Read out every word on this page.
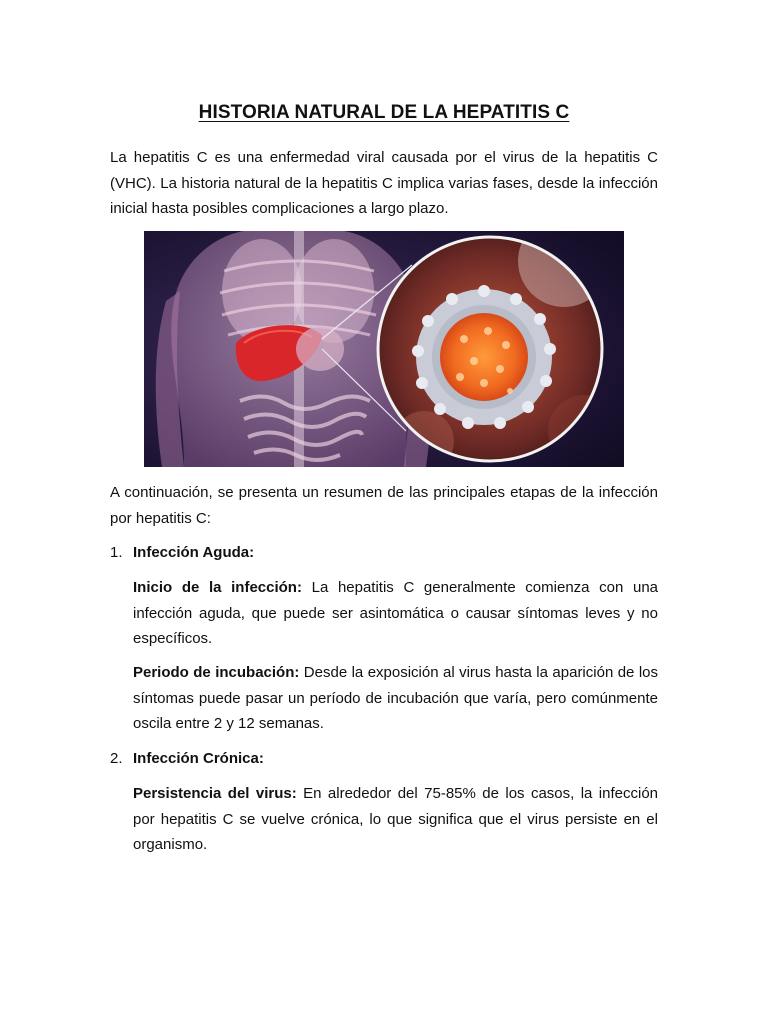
HISTORIA NATURAL DE LA HEPATITIS C

La hepatitis C es una enfermedad viral causada por el virus de la hepatitis C (VHC). La historia natural de la hepatitis C implica varias fases, desde la infección inicial hasta posibles complicaciones a largo plazo.

A continuación, se presenta un resumen de las principales etapas de la infección por hepatitis C:

1. Infección Aguda:

Inicio de la infección: La hepatitis C generalmente comienza con una infección aguda, que puede ser asintomática o causar síntomas leves y no específicos.

Periodo de incubación: Desde la exposición al virus hasta la aparición de los síntomas puede pasar un período de incubación que varía, pero comúnmente oscila entre 2 y 12 semanas.

2. Infección Crónica:

Persistencia del virus: En alrededor del 75-85% de los casos, la infección por hepatitis C se vuelve crónica, lo que significa que el virus persiste en el organismo.
